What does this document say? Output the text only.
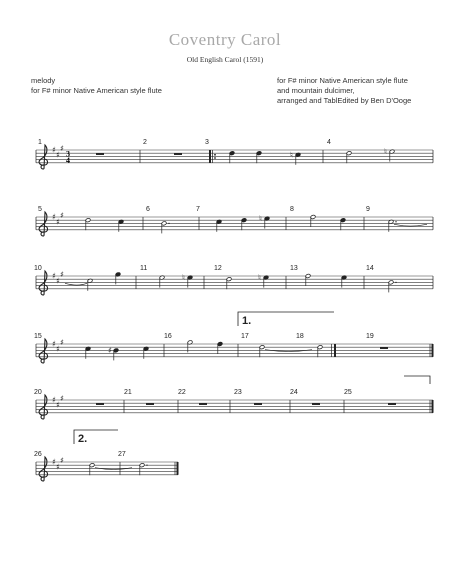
Coventry Carol
Old English Carol (1591)
melody
for F# minor Native American style flute
for F# minor Native American style flute
and mountain dulcimer,
arranged and TablEdited by Ben D'Ooge
♯
♯
♯
3
4
1	2	3	4
♮	♮
♯
♯
♯
5	6	7	8	9
♮
♯
♯
♯
10	11	12	13	14
♮	♮
♯
♯
♯
15	16	17	18	19
♯
♯
♯
♯
20	21	22	23	24	25
♯
♯
♯
26	27
1.
2.
